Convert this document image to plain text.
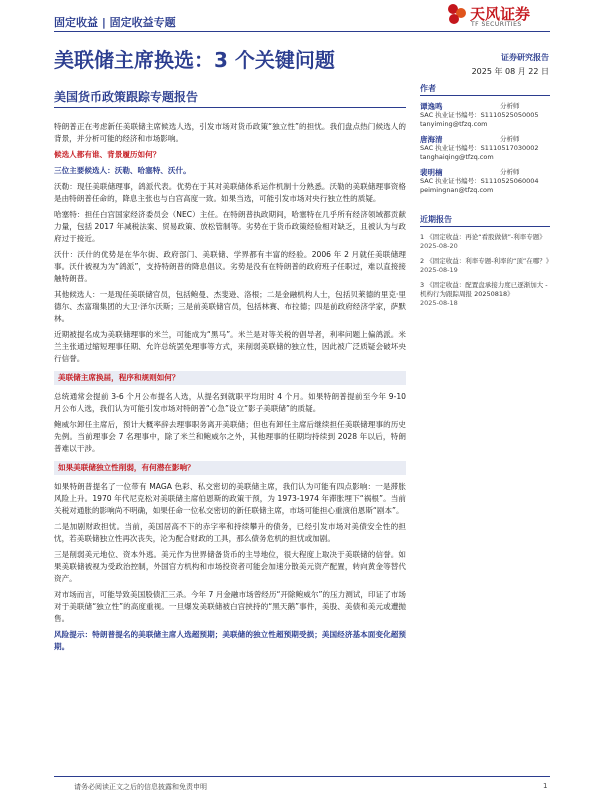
固定收益 | 固定收益专题	天风证券
TF SECURITIES
美联储主席换选：3 个关键问题
美国货币政策跟踪专题报告
证券研究报告
2025 年 08 月 22 日

特朗普正在考虑新任美联储主席候选人选，引发市场对货币政策“独立性”的担忧。我们盘点热门候选人的背景，并分析可能的经济和市场影响。

候选人都有谁、背景履历如何？

三位主要候选人：沃勒、哈塞特、沃什。

沃勒：现任美联储理事，鸽派代表。优势在于其对美联储体系运作机制十分熟悉。沃勒的美联储理事资格是由特朗普任命的，降息主张也与白宫高度一致。如果当选，可能引发市场对央行独立性的质疑。

哈塞特：担任白宫国家经济委员会（NEC）主任。在特朗普执政期间，哈塞特在几乎所有经济领域都贡献力量，包括 2017 年减税法案、贸易政策、放松管制等。劣势在于货币政策经验相对缺乏，且被认为与政府过于接近。

沃什：沃什的优势是在华尔街、政府部门、美联储、学界都有丰富的经验。2006 年 2 月就任美联储理事。沃什被视为为“鸽派”，支持特朗普的降息倡议。劣势是没有在特朗普的政府班子任职过，难以直接接触特朗普。

其他候选人：一是现任美联储官员，包括鲍曼、杰斐逊、洛根；二是金融机构人士，包括贝莱德的里克·里德尔、杰富瑞集团的大卫·泽尔沃斯；三是前美联储官员，包括林赛、布拉德；四是前政府经济学家，萨默林。

近期被提名成为美联储理事的米兰，可能成为“黑马”。米兰是对等关税的倡导者，利率问题上偏鸽派。米兰主张通过缩短理事任期、允许总统罢免理事等方式，来削弱美联储的独立性，因此被广泛质疑会破坏央行信誉。

美联储主席换届，程序和规则如何？

总统通常会提前 3-6 个月公布提名人选，从提名到就职平均用时 4 个月。如果特朗普提前至今年 9-10 月公布人选，我们认为可能引发市场对特朗普“心急”设立“影子美联储”的质疑。

鲍威尔卸任主席后，预计大概率辞去理事职务离开美联储；但也有卸任主席后继续担任美联储理事的历史先例。当前理事会 7 名理事中，除了米兰和鲍威尔之外，其他理事的任期均持续到 2028 年以后，特朗普难以干涉。

如果美联储独立性削弱，有何潜在影响？

如果特朗普提名了一位带有 MAGA 色彩、私交密切的美联储主席，我们认为可能有四点影响：一是滞胀风险上升。1970 年代尼克松对美联储主席伯恩斯的政策干预，为 1973-1974 年滞胀埋下“祸根”。当前关税对通胀的影响尚不明确，如果任命一位私交密切的新任联储主席，市场可能担心重演伯恩斯“剧本”。

二是加剧财政担忧。当前，美国居高不下的赤字率和持续攀升的债务，已经引发市场对美债安全性的担忧，若美联储独立性再次丧失，沦为配合财政的工具，那么债务危机的担忧或加剧。

三是削弱美元地位、资本外逃。美元作为世界储备货币的主导地位，很大程度上取决于美联储的信誉。如果美联储被视为受政治控制，外国官方机构和市场投资者可能会加速分散美元资产配置，转向黄金等替代资产。

对市场而言，可能导致美国股债汇三杀。今年 7 月金融市场曾经历“开除鲍威尔”的压力测试，印证了市场对于美联储“独立性”的高度重视。一旦爆发美联储被白宫挟持的“黑天鹅”事件，美股、美债和美元或遭抛售。

风险提示：特朗普提名的美联储主席人选超预期；美联储的独立性超预期受损；美国经济基本面变化超预期。

作者
谭逸鸣	分析师
SAC 执业证书编号：S1110525050005
tanyiming@tfzq.com
唐海清	分析师
SAC 执业证书编号：S1110517030002
tanghaiqing@tfzq.com
裴明楠	分析师
SAC 执业证书编号：S1110525060004
peimingnan@tfzq.com
近期报告
1 《固定收益：再论“看股做债”-利率专题》
2025-08-20
2 《固定收益：利率专题-利率的“顶”在哪？》
2025-08-19
3 《固定收益：配置盘承接力度已逐渐加大 - 机构行为跟踪周报 20250818》
2025-08-18
请务必阅读正文之后的信息披露和免责申明	1
